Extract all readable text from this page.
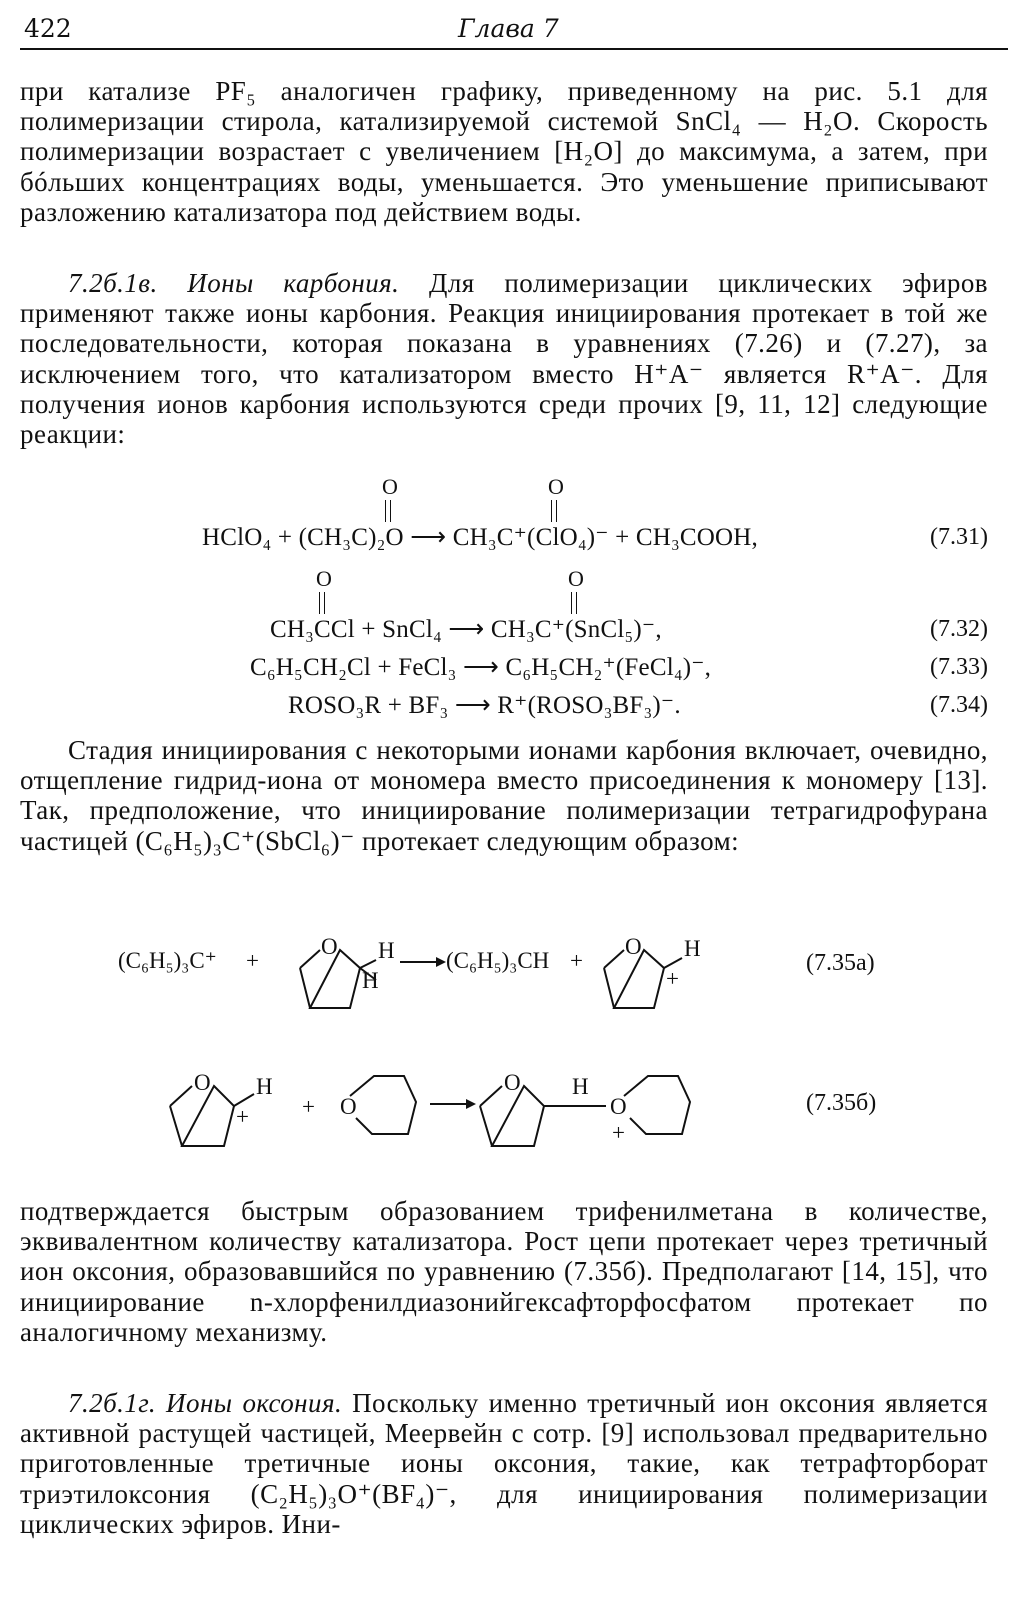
422	Глава 7

при катализе PF₅ аналогичен графику, приведенному на рис. 5.1 для полимеризации стирола, катализируемой системой SnCl₄ — H₂O. Скорость полимеризации возрастает с увеличением [H₂O] до максимума, а затем, при бóльших концентрациях воды, уменьшается. Это уменьшение приписывают разложению катализатора под действием воды.

7.2б.1в. Ионы карбония. Для полимеризации циклических эфиров применяют также ионы карбония. Реакция инициирования протекает в той же последовательности, которая показана в уравнениях (7.26) и (7.27), за исключением того, что катализатором вместо H⁺A⁻ является R⁺A⁻. Для получения ионов карбония используются среди прочих [9, 11, 12] следующие реакции:

O	O
HClO₄ + (CH₃C)₂O ⟶ CH₃C⁺(ClO₄)⁻ + CH₃COOH,	(7.31)
O	O
CH₃CCl + SnCl₄ ⟶ CH₃C⁺(SnCl₅)⁻,	(7.32)
C₆H₅CH₂Cl + FeCl₃ ⟶ C₆H₅CH₂⁺(FeCl₄)⁻,	(7.33)
ROSO₃R + BF₃ ⟶ R⁺(ROSO₃BF₃)⁻.	(7.34)

Стадия инициирования с некоторыми ионами карбония включает, очевидно, отщепление гидрид-иона от мономера вместо присоединения к мономеру [13]. Так, предположение, что инициирование полимеризации тетрагидрофурана частицей (C₆H₅)₃C⁺(SbCl₆)⁻ протекает следующим образом:

(C₆H₅)₃C⁺ +
O H
H
(C₆H₅)₃CH +
O H
+
(7.35а)
O H
+ + O
O H
O
+
(7.35б)

подтверждается быстрым образованием трифенилметана в количестве, эквивалентном количеству катализатора. Рост цепи протекает через третичный ион оксония, образовавшийся по уравнению (7.35б). Предполагают [14, 15], что инициирование n-хлорфенилдиазонийгексафторфосфатом протекает по аналогичному механизму.

7.2б.1г. Ионы оксония. Поскольку именно третичный ион оксония является активной растущей частицей, Меервейн с сотр. [9] использовал предварительно приготовленные третичные ионы оксония, такие, как тетрафторборат триэтилоксония (C₂H₅)₃O⁺(BF₄)⁻, для инициирования полимеризации циклических эфиров. Ини-
